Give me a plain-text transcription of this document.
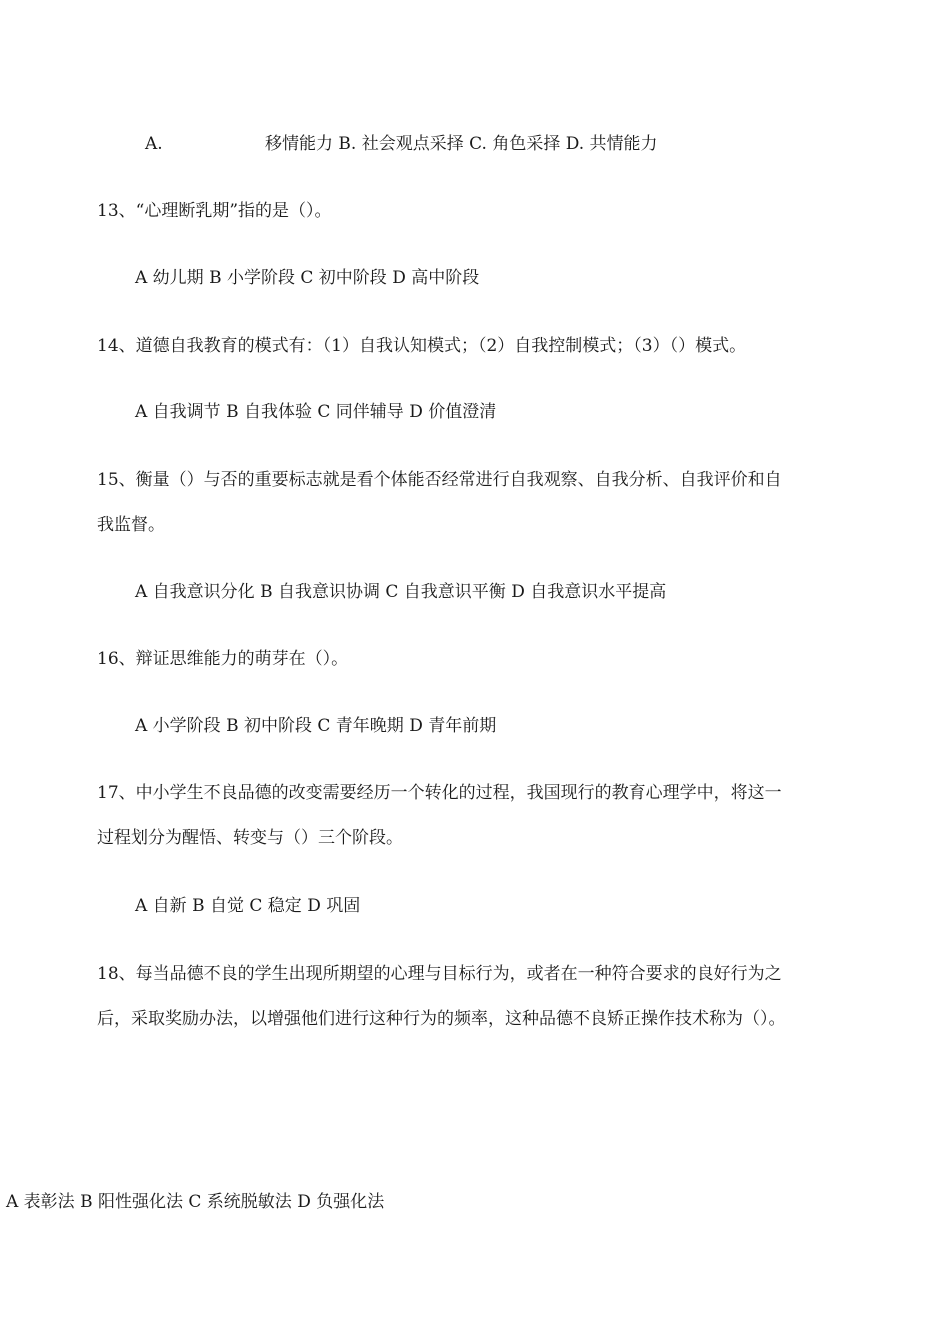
A.	移情能力 B. 社会观点采择 C. 角色采择 D. 共情能力

13、“心理断乳期”指的是（）。

A 幼儿期 B 小学阶段 C 初中阶段 D 高中阶段

14、道德自我教育的模式有：（1）自我认知模式；（2）自我控制模式；（3）（）模式。

A 自我调节 B 自我体验 C 同伴辅导 D 价值澄清

15、衡量（）与否的重要标志就是看个体能否经常进行自我观察、自我分析、自我评价和自

我监督。

A 自我意识分化 B 自我意识协调 C 自我意识平衡 D 自我意识水平提高

16、辩证思维能力的萌芽在（）。

A 小学阶段 B 初中阶段 C 青年晚期 D 青年前期

17、中小学生不良品德的改变需要经历一个转化的过程，我国现行的教育心理学中，将这一

过程划分为醒悟、转变与（）三个阶段。

A 自新 B 自觉 C 稳定 D 巩固

18、每当品德不良的学生出现所期望的心理与目标行为，或者在一种符合要求的良好行为之

后，采取奖励办法，以增强他们进行这种行为的频率，这种品德不良矫正操作技术称为（）。

A 表彰法 B 阳性强化法 C 系统脱敏法 D 负强化法
